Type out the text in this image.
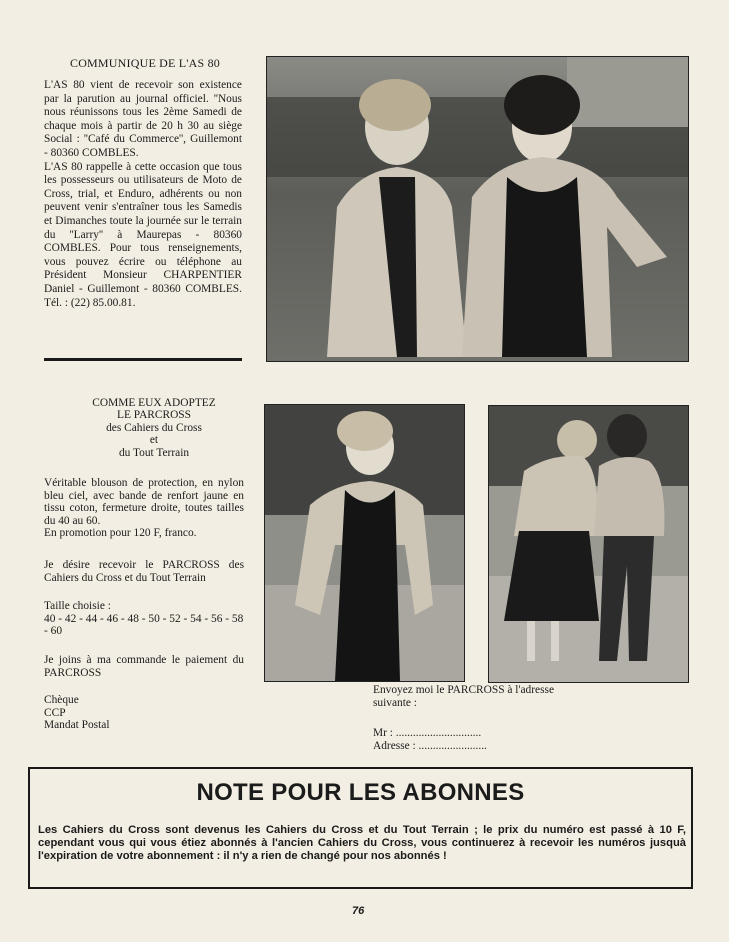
COMMUNIQUE DE L'AS 80

L'AS 80 vient de recevoir son existence par la parution au journal officiel. ''Nous nous réunissons tous les 2ème Samedi de chaque mois à partir de 20 h 30 au siège Social : ''Café du Commerce'', Guillemont - 80360 COMBLES.

L'AS 80 rappelle à cette occasion que tous les possesseurs ou utilisateurs de Moto de Cross, trial, et Enduro, adhérents ou non peuvent venir s'entraîner tous les Samedis et Dimanches toute la journée sur le terrain du ''Larry'' à Maurepas - 80360 COMBLES. Pour tous renseignements, vous pouvez écrire ou téléphone au Président Monsieur CHARPENTIER Daniel - Guillemont - 80360 COMBLES. Tél. : (22) 85.00.81.

COMME EUX ADOPTEZ
LE PARCROSS
des Cahiers du Cross
et
du Tout Terrain

Véritable blouson de protection, en nylon bleu ciel, avec bande de renfort jaune en tissu coton, fermeture droite, toutes tailles du 40 au 60.

En promotion pour 120 F, franco.

Je désire recevoir le PARCROSS des Cahiers du Cross et du Tout Terrain

Taille choisie :

40 - 42 - 44 - 46 - 48 - 50 - 52 - 54 - 56 - 58 - 60

Je joins à ma commande le paiement du PARCROSS

Chèque

CCP

Mandat Postal

Envoyez moi le PARCROSS à l'adresse suivante :
Mr : ..............................
Adresse : ........................
NOTE POUR LES ABONNES
Les Cahiers du Cross sont devenus les Cahiers du Cross et du Tout Terrain ; le prix du numéro est passé à 10 F, cependant vous qui vous étiez abonnés à l'ancien Cahiers du Cross, vous continuerez à recevoir les numéros jusquà l'expiration de votre abonnement : il n'y a rien de changé pour nos abonnés !
76
